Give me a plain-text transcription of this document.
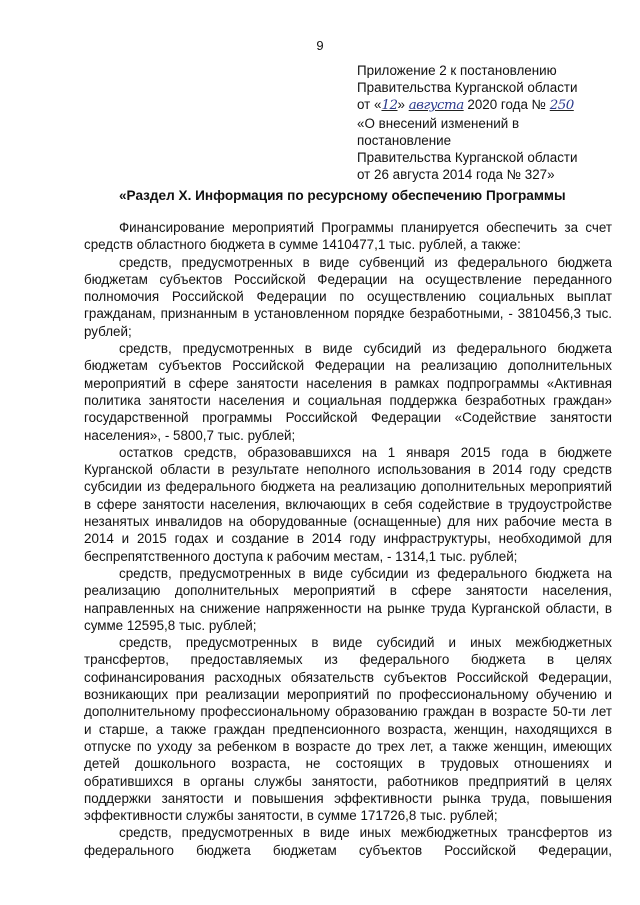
9
Приложение 2 к постановлению
Правительства Курганской области
от «12» августа 2020 года № 250
«О внесений изменений в
постановление
Правительства Курганской области
от 26 августа 2014 года № 327»
«Раздел X. Информация по ресурсному обеспечению Программы

Финансирование мероприятий Программы планируется обеспечить за счет средств областного бюджета в сумме 1410477,1 тыс. рублей, а также:

средств, предусмотренных в виде субвенций из федерального бюджета бюджетам субъектов Российской Федерации на осуществление переданного полномочия Российской Федерации по осуществлению социальных выплат гражданам, признанным в установленном порядке безработными, - 3810456,3 тыс. рублей;

средств, предусмотренных в виде субсидий из федерального бюджета бюджетам субъектов Российской Федерации на реализацию дополнительных мероприятий в сфере занятости населения в рамках подпрограммы «Активная политика занятости населения и социальная поддержка безработных граждан» государственной программы Российской Федерации «Содействие занятости населения», - 5800,7 тыс. рублей;

остатков средств, образовавшихся на 1 января 2015 года в бюджете Курганской области в результате неполного использования в 2014 году средств субсидии из федерального бюджета на реализацию дополнительных мероприятий в сфере занятости населения, включающих в себя содействие в трудоустройстве незанятых инвалидов на оборудованные (оснащенные) для них рабочие места в 2014 и 2015 годах и создание в 2014 году инфраструктуры, необходимой для беспрепятственного доступа к рабочим местам, - 1314,1 тыс. рублей;

средств, предусмотренных в виде субсидии из федерального бюджета на реализацию дополнительных мероприятий в сфере занятости населения, направленных на снижение напряженности на рынке труда Курганской области, в сумме 12595,8 тыс. рублей;

средств, предусмотренных в виде субсидий и иных межбюджетных трансфертов, предоставляемых из федерального бюджета в целях софинансирования расходных обязательств субъектов Российской Федерации, возникающих при реализации мероприятий по профессиональному обучению и дополнительному профессиональному образованию граждан в возрасте 50-ти лет и старше, а также граждан предпенсионного возраста, женщин, находящихся в отпуске по уходу за ребенком в возрасте до трех лет, а также женщин, имеющих детей дошкольного возраста, не состоящих в трудовых отношениях и обратившихся в органы службы занятости, работников предприятий в целях поддержки занятости и повышения эффективности рынка труда, повышения эффективности службы занятости, в сумме 171726,8 тыс. рублей;

средств, предусмотренных в виде иных межбюджетных трансфертов из федерального бюджета бюджетам субъектов Российской Федерации,
